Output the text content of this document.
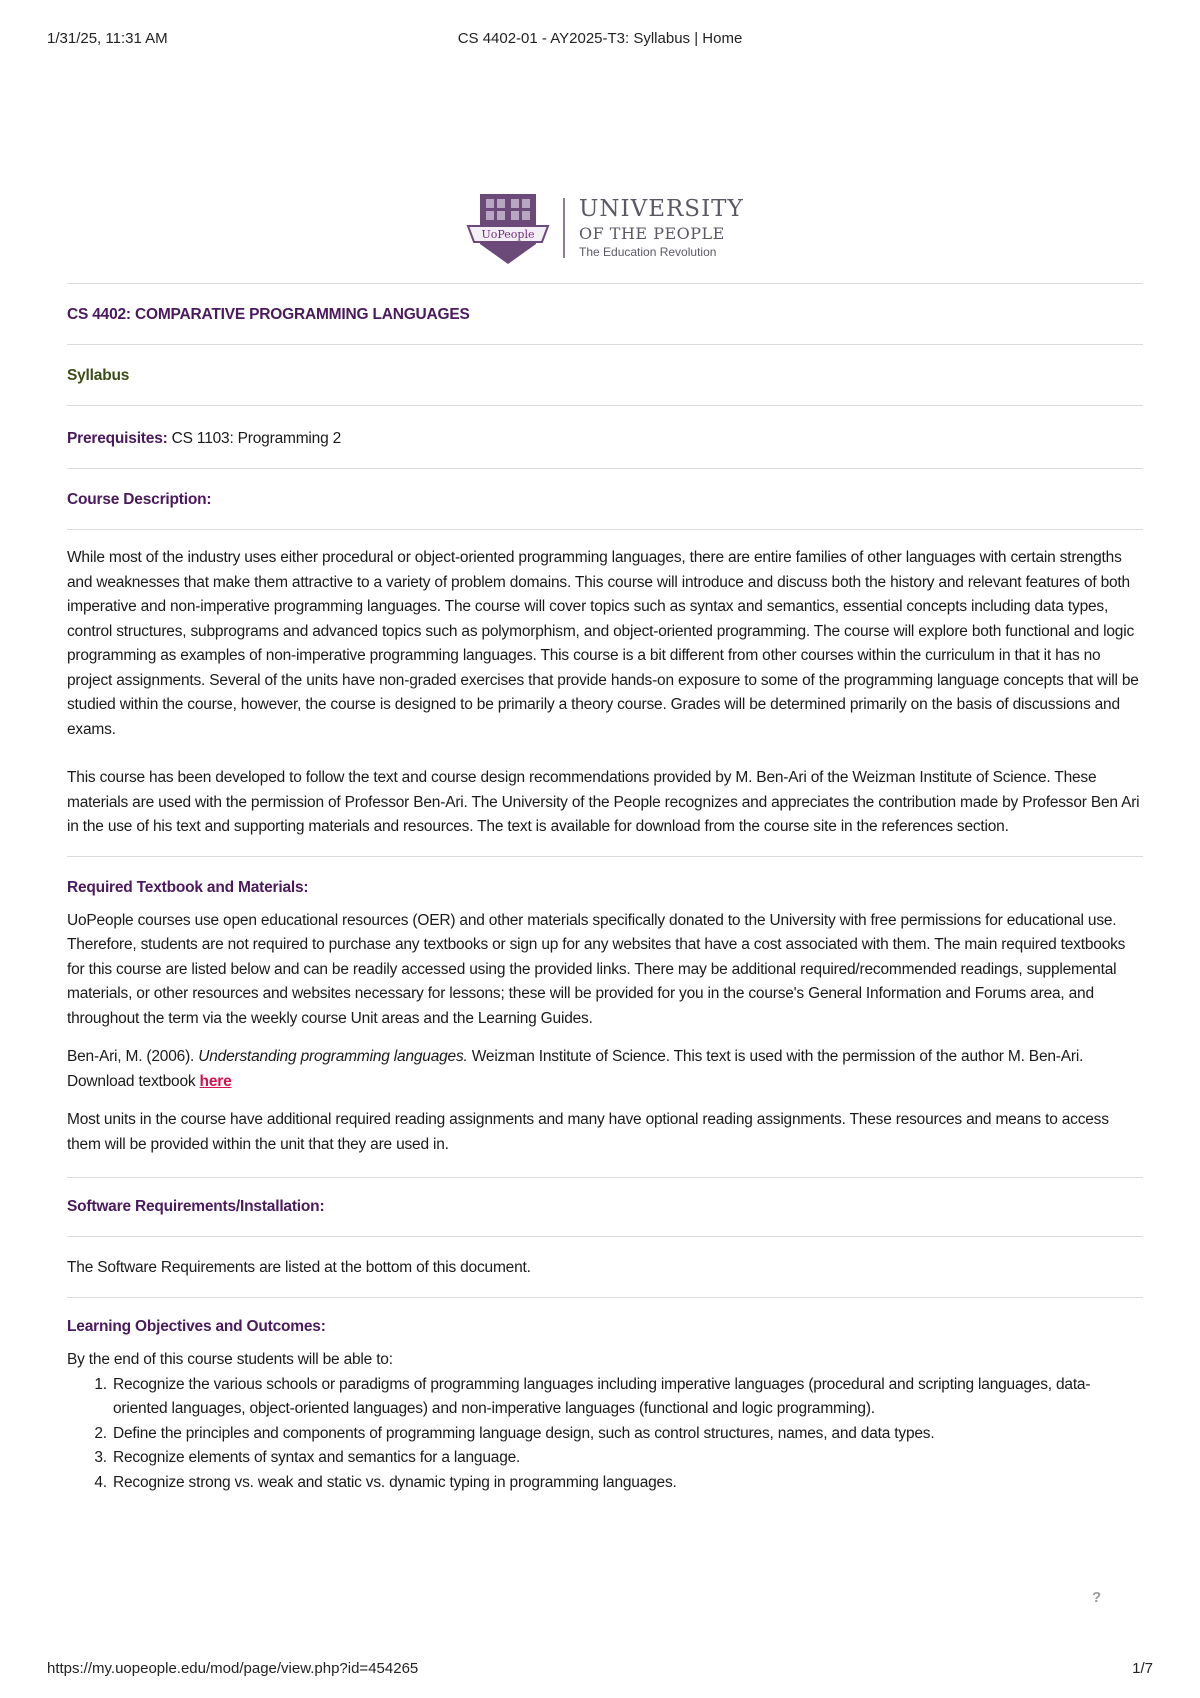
1/31/25, 11:31 AM	CS 4402-01 - AY2025-T3: Syllabus | Home
UoPeople
UNIVERSITY
OF THE PEOPLE
The Education Revolution
CS 4402: COMPARATIVE PROGRAMMING LANGUAGES
Syllabus
Prerequisites: CS 1103: Programming 2
Course Description:

While most of the industry uses either procedural or object-oriented programming languages, there are entire families of other languages with certain strengths and weaknesses that make them attractive to a variety of problem domains. This course will introduce and discuss both the history and relevant features of both imperative and non-imperative programming languages. The course will cover topics such as syntax and semantics, essential concepts including data types, control structures, subprograms and advanced topics such as polymorphism, and object-oriented programming. The course will explore both functional and logic programming as examples of non-imperative programming languages. This course is a bit different from other courses within the curriculum in that it has no project assignments. Several of the units have non-graded exercises that provide hands-on exposure to some of the programming language concepts that will be studied within the course, however, the course is designed to be primarily a theory course. Grades will be determined primarily on the basis of discussions and exams.

This course has been developed to follow the text and course design recommendations provided by M. Ben-Ari of the Weizman Institute of Science. These materials are used with the permission of Professor Ben-Ari. The University of the People recognizes and appreciates the contribution made by Professor Ben Ari in the use of his text and supporting materials and resources. The text is available for download from the course site in the references section.

Required Textbook and Materials:

UoPeople courses use open educational resources (OER) and other materials specifically donated to the University with free permissions for educational use. Therefore, students are not required to purchase any textbooks or sign up for any websites that have a cost associated with them. The main required textbooks for this course are listed below and can be readily accessed using the provided links. There may be additional required/recommended readings, supplemental materials, or other resources and websites necessary for lessons; these will be provided for you in the course's General Information and Forums area, and throughout the term via the weekly course Unit areas and the Learning Guides.

Ben-Ari, M. (2006). Understanding programming languages. Weizman Institute of Science. This text is used with the permission of the author M. Ben-Ari.
Download textbook here

Most units in the course have additional required reading assignments and many have optional reading assignments. These resources and means to access them will be provided within the unit that they are used in.

Software Requirements/Installation:
The Software Requirements are listed at the bottom of this document.
Learning Objectives and Outcomes:

By the end of this course students will be able to:

1. Recognize the various schools or paradigms of programming languages including imperative languages (procedural and scripting languages, data-oriented languages, object-oriented languages) and non-imperative languages (functional and logic programming).
2. Define the principles and components of programming language design, such as control structures, names, and data types.
3. Recognize elements of syntax and semantics for a language.
4. Recognize strong vs. weak and static vs. dynamic typing in programming languages.
?
https://my.uopeople.edu/mod/page/view.php?id=454265	1/7
